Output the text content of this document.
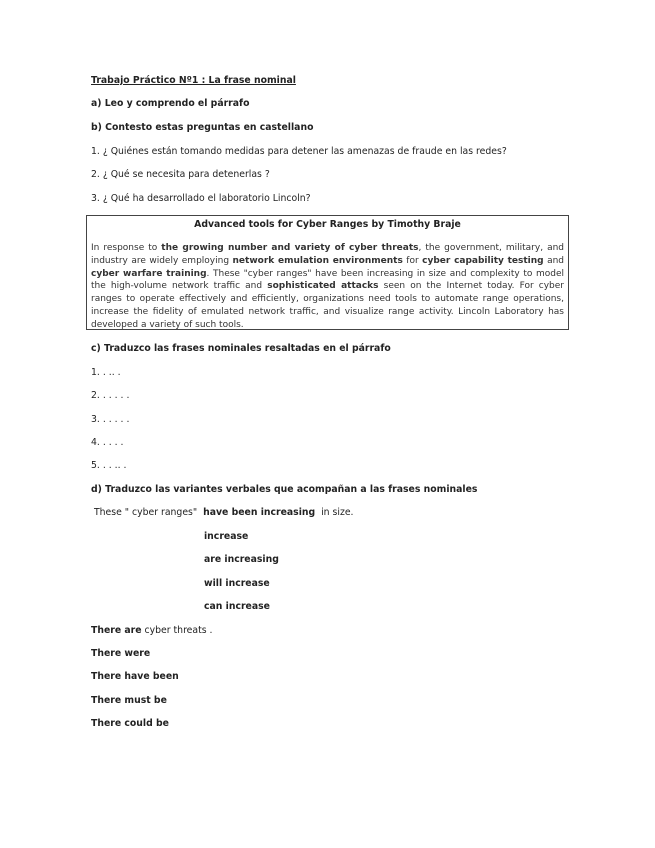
Trabajo Práctico Nº1 : La frase nominal
a) Leo y comprendo el párrafo
b) Contesto estas preguntas en castellano
1. ¿ Quiénes están tomando medidas para detener las amenazas de fraude en las redes?
2. ¿ Qué se necesita para detenerlas ?
3. ¿ Qué ha desarrollado el laboratorio Lincoln?
Advanced tools for Cyber Ranges by Timothy Braje
In response to the growing number and variety of cyber threats, the government, military, and industry are widely employing network emulation environments for cyber capability testing and cyber warfare training. These "cyber ranges" have been increasing in size and complexity to model the high-volume network traffic and sophisticated attacks seen on the Internet today. For cyber ranges to operate effectively and efficiently, organizations need tools to automate range operations, increase the fidelity of emulated network traffic, and visualize range activity. Lincoln Laboratory has developed a variety of such tools.
c) Traduzco las frases nominales resaltadas en el párrafo
1. . .. .
2. . . . . .
3. . . . . .
4. . . . .
5. . . .. .
d) Traduzco las variantes verbales que acompañan a las frases nominales
These " cyber ranges"  have been increasing  in size.
increase
are increasing
will increase
can increase
There are cyber threats .
There were
There have been
There must be
There could be
